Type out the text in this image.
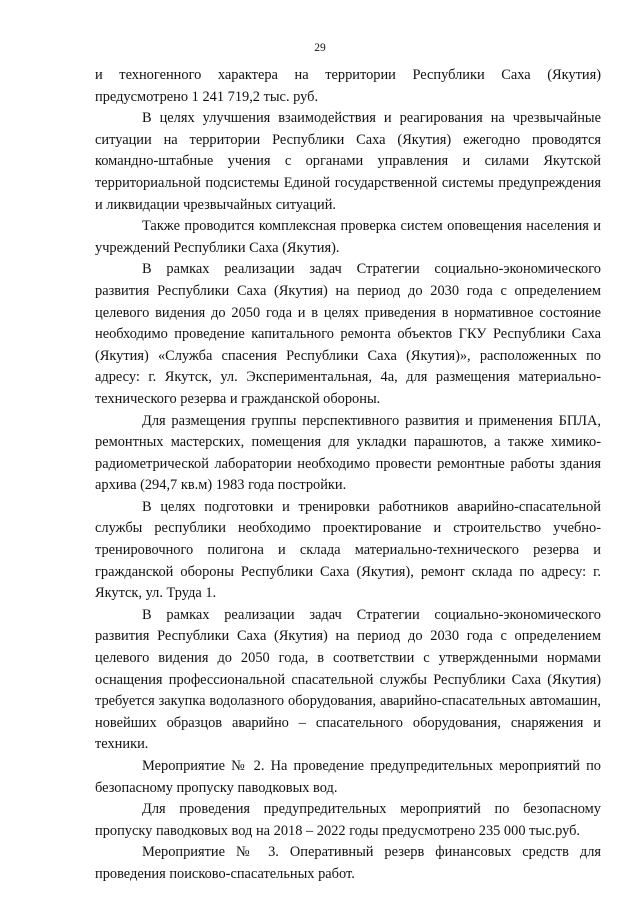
29

и техногенного характера на территории Республики Саха (Якутия) предусмотрено 1 241 719,2 тыс. руб.

В целях улучшения взаимодействия и реагирования на чрезвычайные ситуации на территории Республики Саха (Якутия) ежегодно проводятся командно-штабные учения с органами управления и силами Якутской территориальной подсистемы Единой государственной системы предупреждения и ликвидации чрезвычайных ситуаций.

Также проводится комплексная проверка систем оповещения населения и учреждений Республики Саха (Якутия).

В рамках реализации задач Стратегии социально-экономического развития Республики Саха (Якутия) на период до 2030 года с определением целевого видения до 2050 года и в целях приведения в нормативное состояние необходимо проведение капитального ремонта объектов ГКУ Республики Саха (Якутия) «Служба спасения Республики Саха (Якутия)», расположенных по адресу: г. Якутск, ул. Экспериментальная, 4а, для размещения материально-технического резерва и гражданской обороны.

Для размещения группы перспективного развития и применения БПЛА, ремонтных мастерских, помещения для укладки парашютов, а также химико-радиометрической лаборатории необходимо провести ремонтные работы здания архива (294,7 кв.м) 1983 года постройки.

В целях подготовки и тренировки работников аварийно-спасательной службы республики необходимо проектирование и строительство учебно-тренировочного полигона и склада материально-технического резерва и гражданской обороны Республики Саха (Якутия), ремонт склада по адресу: г. Якутск, ул. Труда 1.

В рамках реализации задач Стратегии социально-экономического развития Республики Саха (Якутия) на период до 2030 года с определением целевого видения до 2050 года, в соответствии с утвержденными нормами оснащения профессиональной спасательной службы Республики Саха (Якутия) требуется закупка водолазного оборудования, аварийно-спасательных автомашин, новейших образцов аварийно – спасательного оборудования, снаряжения и техники.

Мероприятие № 2. На проведение предупредительных мероприятий по безопасному пропуску паводковых вод.

Для проведения предупредительных мероприятий по безопасному пропуску паводковых вод на 2018 – 2022 годы предусмотрено 235 000 тыс.руб.

Мероприятие № 3. Оперативный резерв финансовых средств для проведения поисково-спасательных работ.
